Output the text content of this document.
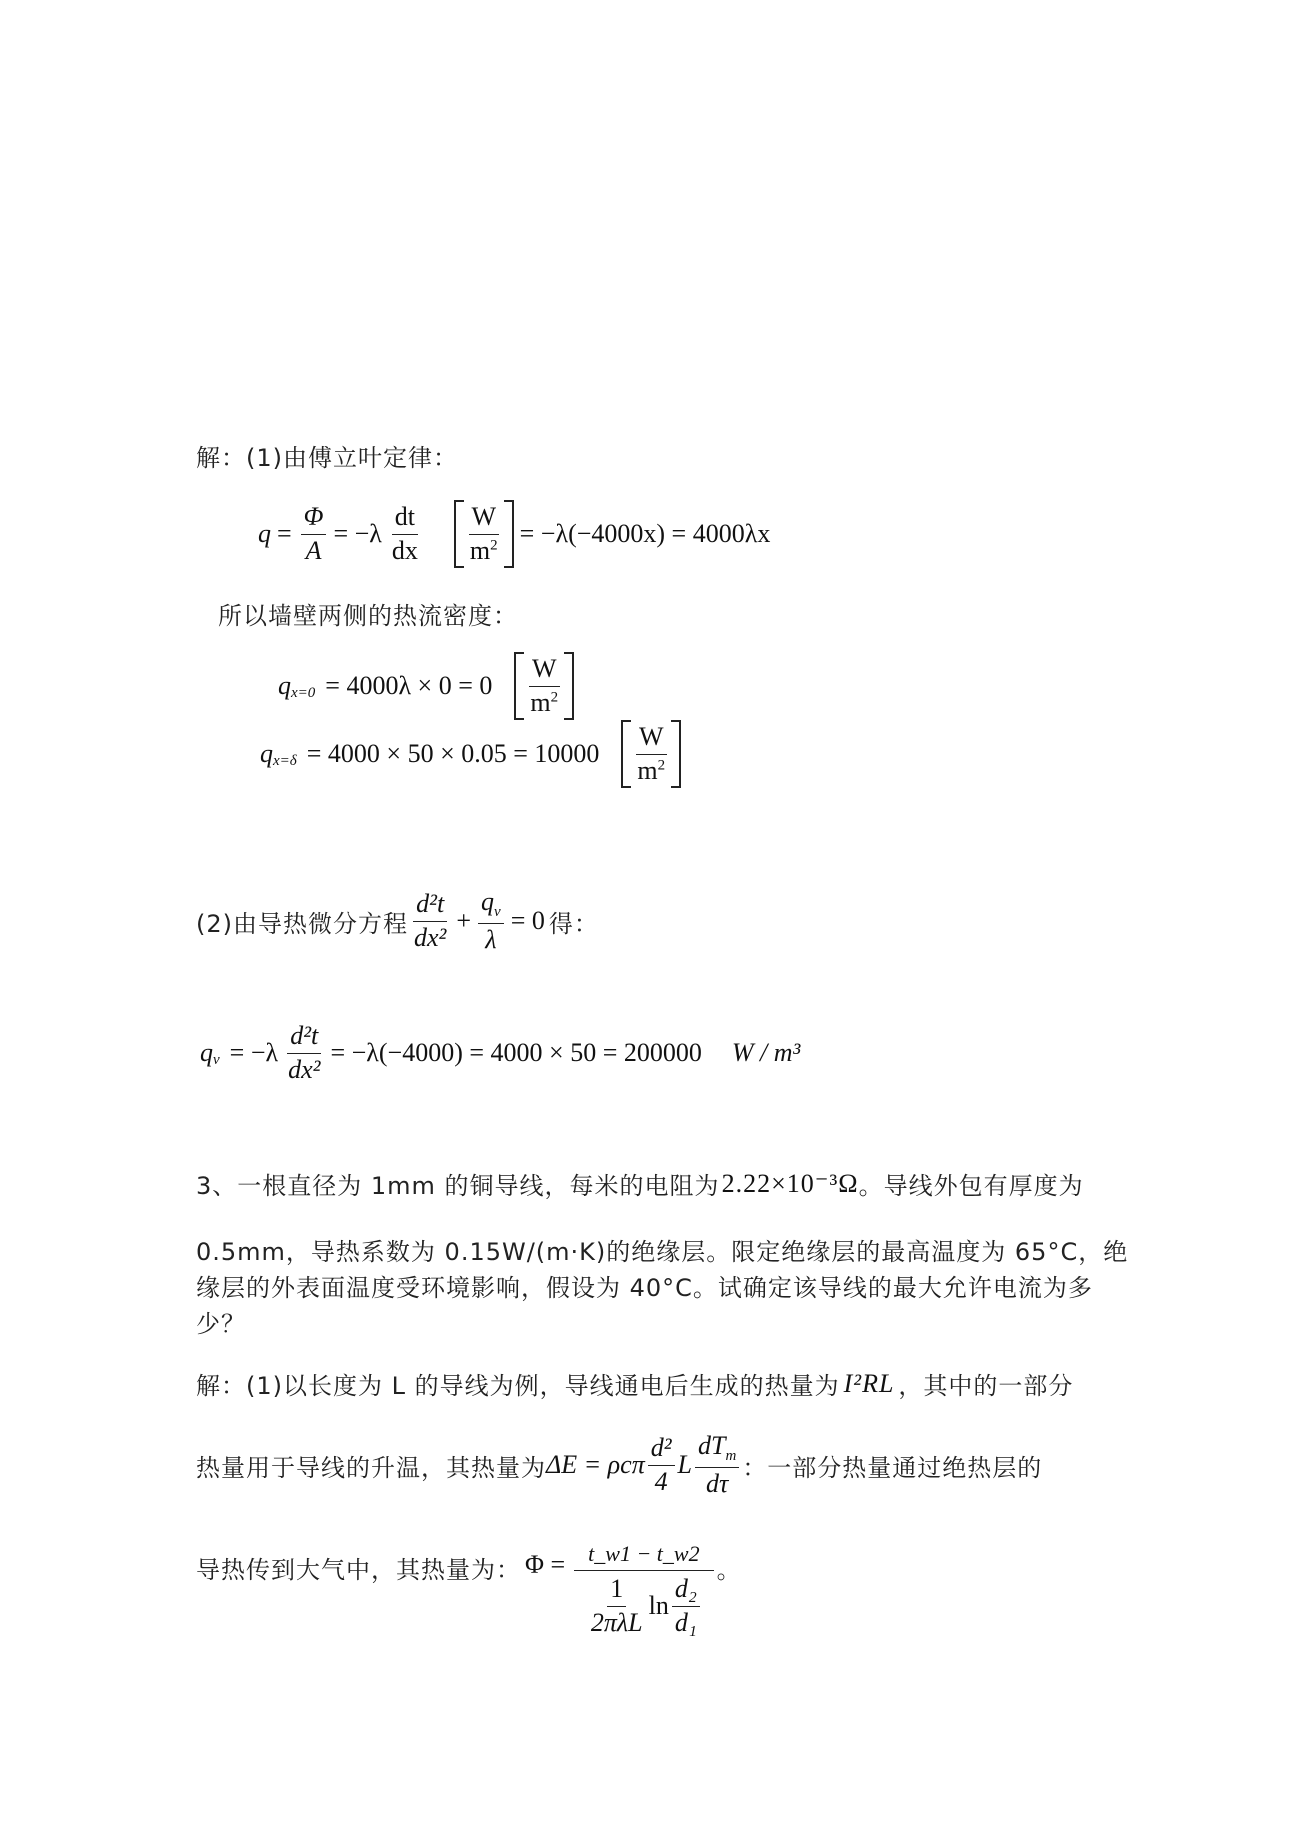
解：(1)由傅立叶定律：
$q = \frac{\Phi}{A} = -\lambda \frac{dt}{dx} \frac{W}{m^2} = -\lambda(-4000x) = 4000\lambda x$
所以墙壁两侧的热流密度：
$q_{x=0} = 4000\lambda \times 0 = 0 \frac{W}{m^2}$
$q_{x=\delta} = 4000 \times 50 \times 0.05 = 10000 \frac{W}{m^2}$
(2)由导热微分方程 $\frac{\text{d²t}}{\text{dx²}} + \frac{q_v}{\lambda} = 0$ 得：
$q_v = -\lambda \frac{\text{d²t}}{\text{dx²}} = -\lambda(-4000) = 4000 \times 50 = 200000$ W / m³
3、一根直径为 1mm 的铜导线，每米的电阻为 2.22×10⁻³Ω 。导线外包有厚度为
0.5mm，导热系数为 0.15W/(m·K)的绝缘层。限定绝缘层的最高温度为 65°C，绝
缘层的外表面温度受环境影响，假设为 40°C。试确定该导线的最大允许电流为多
少？
解：(1)以长度为 L 的导线为例，导线通电后生成的热量为 I²RL ，其中的一部分
热量用于导线的升温，其热量为 ΔE = ρcπ $\frac{\text{d²}}{4}$ L $\frac{dT_m}{d\tau}$ ：一部分热量通过绝热层的
导热传到大气中，其热量为： $\Phi = \frac{t\_w1 - t\_w2}{\frac{1}{\text{2πλL}} \ln \frac{\text{d₂}}{\text{d₁}}}$ 。
